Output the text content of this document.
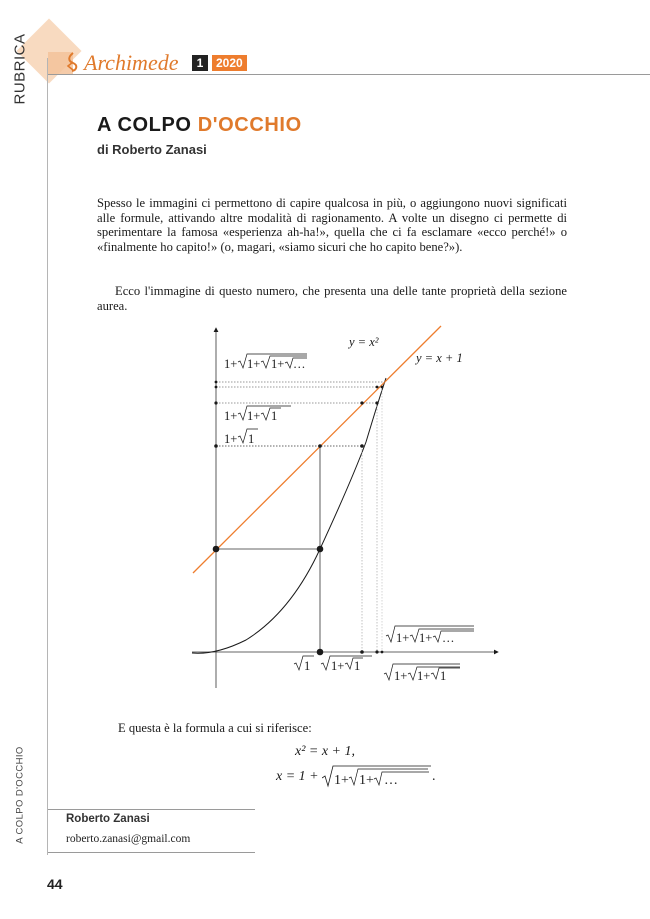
RUBRICA	Archimede	1	2020
A COLPO D'OCCHIO
di Roberto Zanasi

Spesso le immagini ci permettono di capire qualcosa in più, o aggiungono nuovi significati alle formule, attivando altre modalità di ragionamento. A volte un disegno ci permette di sperimentare la famosa «esperienza ah-ha!», quella che ci fa esclamare «ecco perché!» o «finalmente ho capito!» (o, magari, «siamo sicuri che ho capito bene?»).

Ecco l'immagine di questo numero, che presenta una delle tante proprietà della sezione aurea.

y = x²
y = x + 1
1+ 1+ 1+ …
1+ 1+ 1
1+ 1
1 1+ 1
1+ 1+ 1
1+ 1+ …

E questa è la formula a cui si riferisce:

x² = x + 1,
x = 1 + 1+ 1+ … .
A COLPO D'OCCHIO	Roberto Zanasi
roberto.zanasi@gmail.com
44
